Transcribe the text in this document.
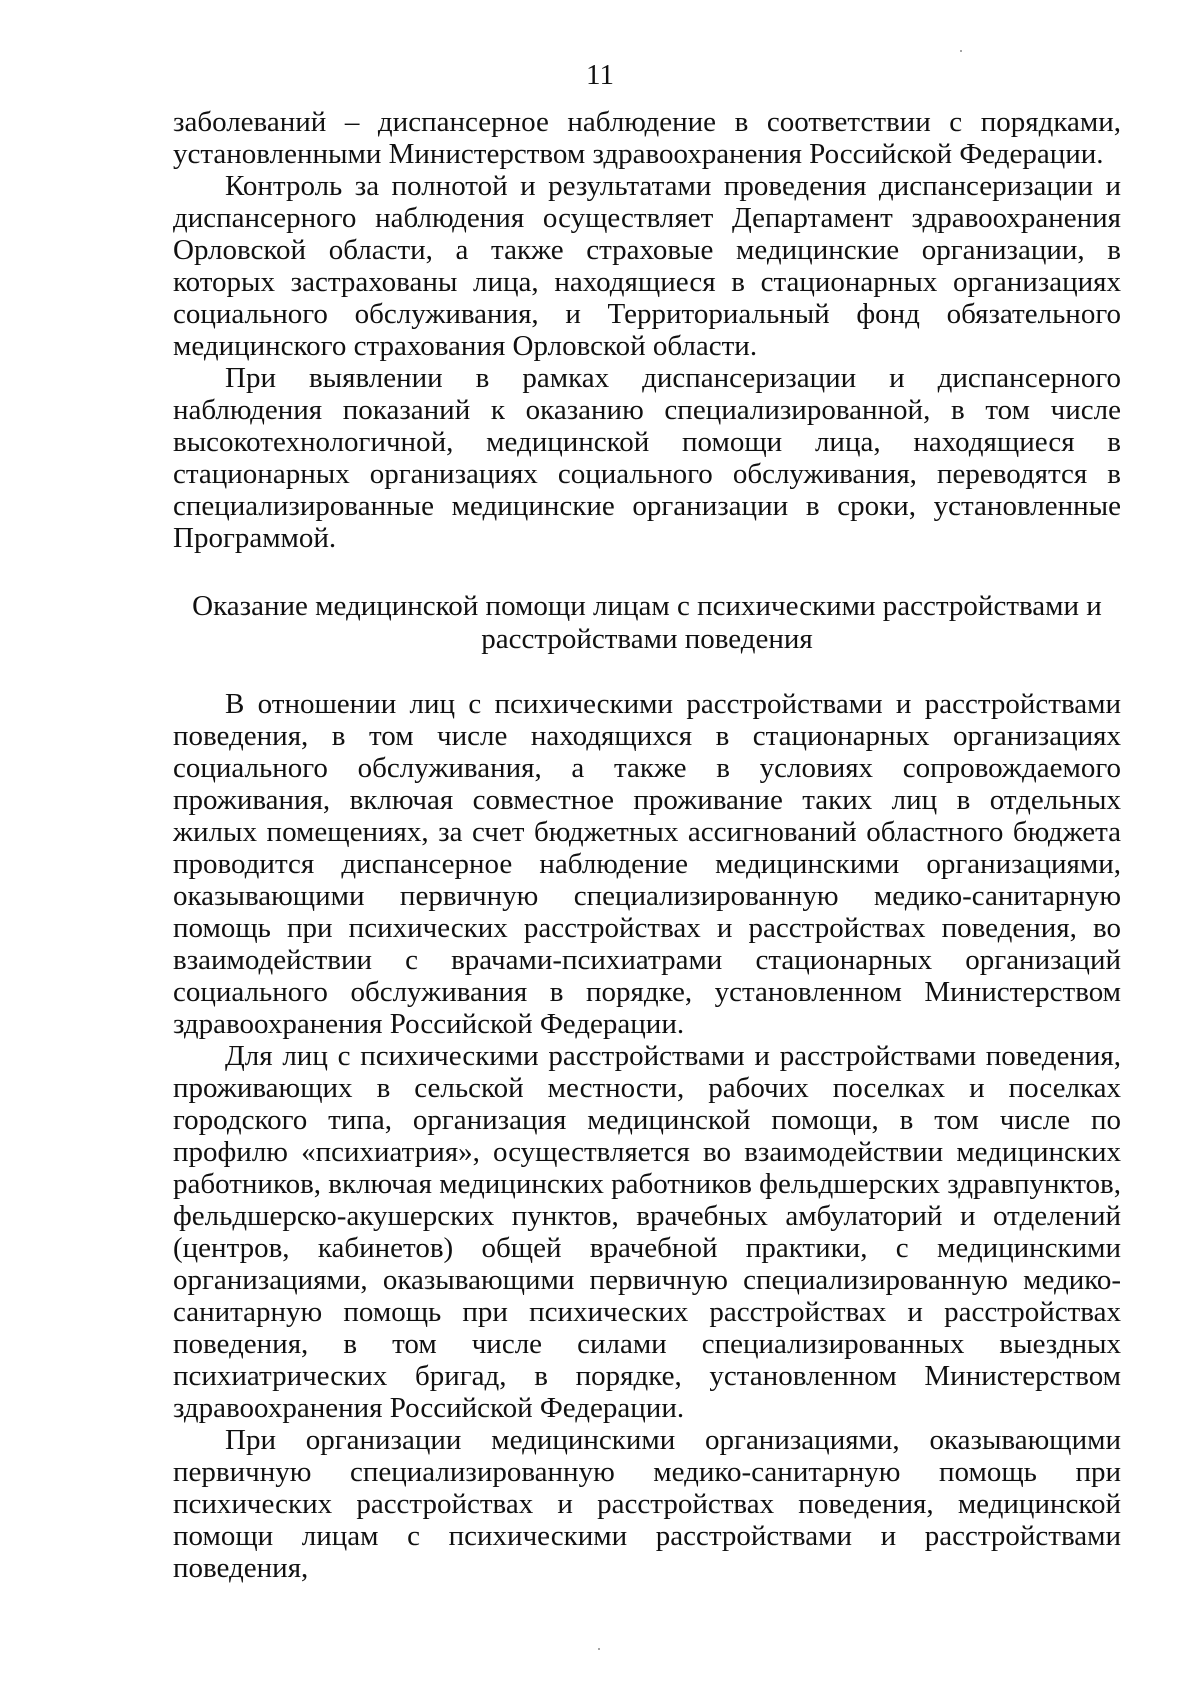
11

заболеваний – диспансерное наблюдение в соответствии с порядками, установленными Министерством здравоохранения Российской Федерации.

Контроль за полнотой и результатами проведения диспансеризации и диспансерного наблюдения осуществляет Департамент здравоохранения Орловской области, а также страховые медицинские организации, в которых застрахованы лица, находящиеся в стационарных организациях социального обслуживания, и Территориальный фонд обязательного медицинского страхования Орловской области.

При выявлении в рамках диспансеризации и диспансерного наблюдения показаний к оказанию специализированной, в том числе высокотехнологичной, медицинской помощи лица, находящиеся в стационарных организациях социального обслуживания, переводятся в специализированные медицинские организации в сроки, установленные Программой.

Оказание медицинской помощи лицам с психическими расстройствами и расстройствами поведения

В отношении лиц с психическими расстройствами и расстройствами поведения, в том числе находящихся в стационарных организациях социального обслуживания, а также в условиях сопровождаемого проживания, включая совместное проживание таких лиц в отдельных жилых помещениях, за счет бюджетных ассигнований областного бюджета проводится диспансерное наблюдение медицинскими организациями, оказывающими первичную специализированную медико-санитарную помощь при психических расстройствах и расстройствах поведения, во взаимодействии с врачами-психиатрами стационарных организаций социального обслуживания в порядке, установленном Министерством здравоохранения Российской Федерации.

Для лиц с психическими расстройствами и расстройствами поведения, проживающих в сельской местности, рабочих поселках и поселках городского типа, организация медицинской помощи, в том числе по профилю «психиатрия», осуществляется во взаимодействии медицинских работников, включая медицинских работников фельдшерских здравпунктов, фельдшерско-акушерских пунктов, врачебных амбулаторий и отделений (центров, кабинетов) общей врачебной практики, с медицинскими организациями, оказывающими первичную специализированную медико-санитарную помощь при психических расстройствах и расстройствах поведения, в том числе силами специализированных выездных психиатрических бригад, в порядке, установленном Министерством здравоохранения Российской Федерации.

При организации медицинскими организациями, оказывающими первичную специализированную медико-санитарную помощь при психических расстройствах и расстройствах поведения, медицинской помощи лицам с психическими расстройствами и расстройствами поведения,
